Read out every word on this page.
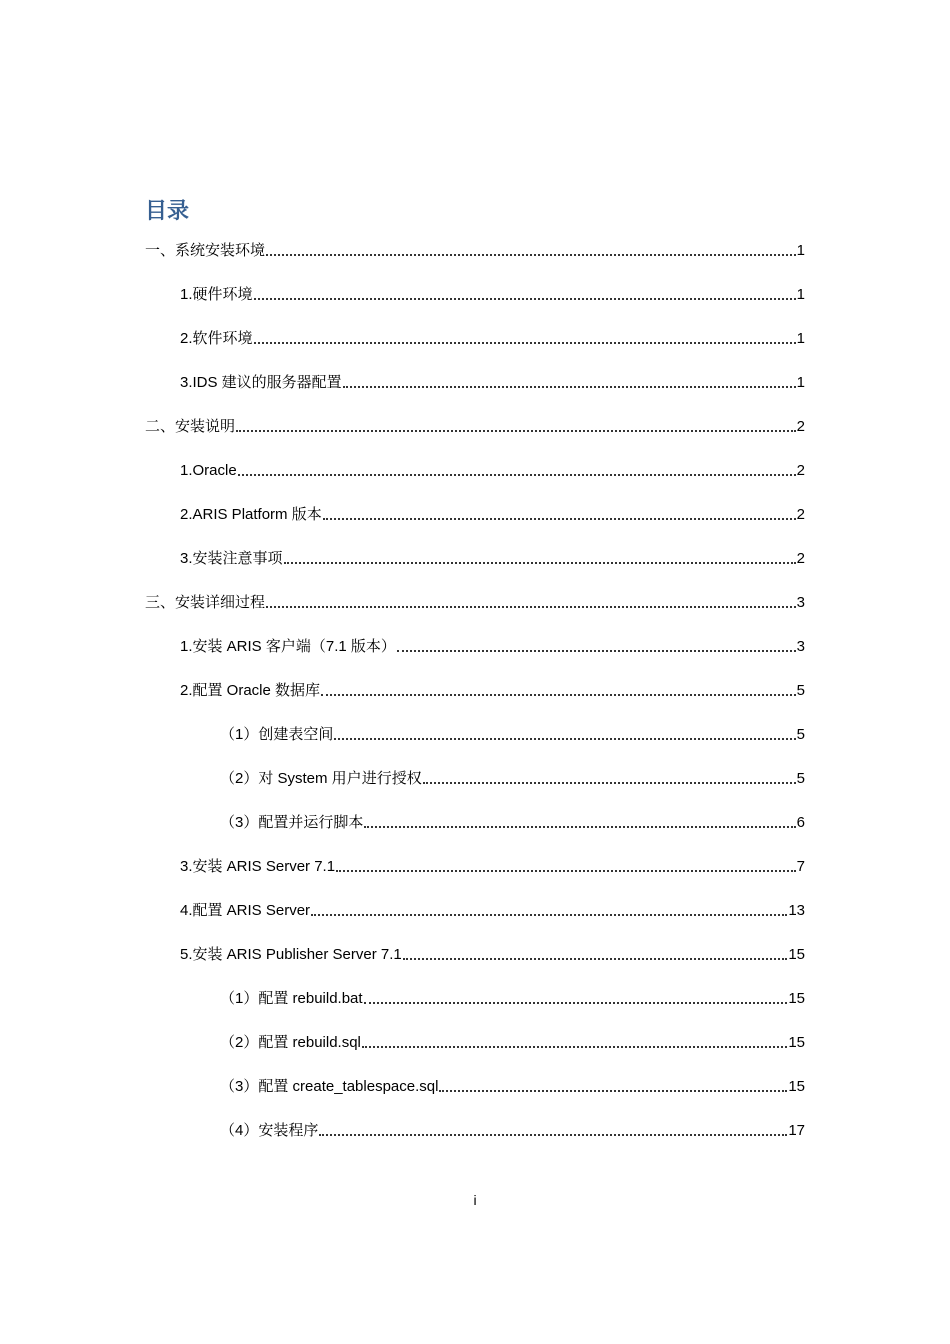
目录
一、系统安装环境	1
1.硬件环境	1
2.软件环境	1
3.IDS 建议的服务器配置	1
二、安装说明	2
1.Oracle	2
2.ARIS Platform 版本	2
3.安装注意事项	2
三、安装详细过程	3
1.安装 ARIS 客户端（7.1 版本）	3
2.配置 Oracle 数据库	5
（1）创建表空间	5
（2）对 System 用户进行授权	5
（3）配置并运行脚本	6
3.安装 ARIS Server 7.1	7
4.配置 ARIS Server	13
5.安装 ARIS Publisher Server 7.1	15
（1）配置 rebuild.bat	15
（2）配置 rebuild.sql	15
（3）配置 create_tablespace.sql	15
（4）安装程序	17
i
